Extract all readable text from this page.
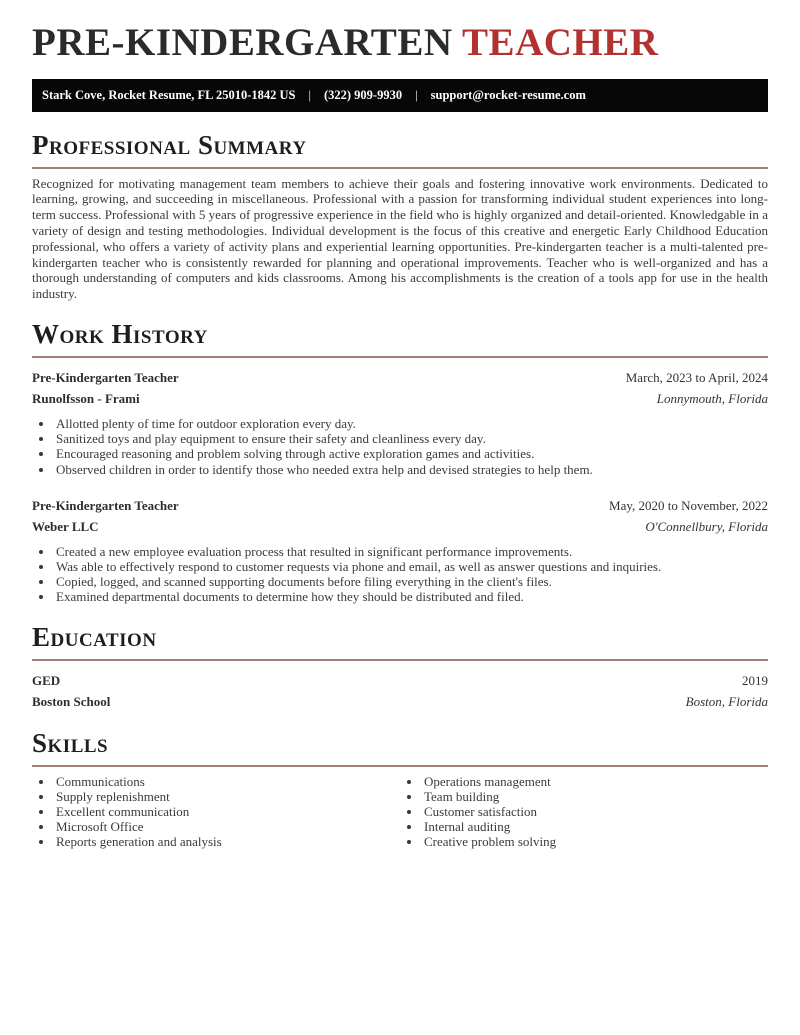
PRE-KINDERGARTEN TEACHER
Stark Cove, Rocket Resume, FL 25010-1842 US | (322) 909-9930 | support@rocket-resume.com
Professional Summary

Recognized for motivating management team members to achieve their goals and fostering innovative work environments. Dedicated to learning, growing, and succeeding in miscellaneous. Professional with a passion for transforming individual student experiences into long-term success. Professional with 5 years of progressive experience in the field who is highly organized and detail-oriented. Knowledgable in a variety of design and testing methodologies. Individual development is the focus of this creative and energetic Early Childhood Education professional, who offers a variety of activity plans and experiential learning opportunities. Pre-kindergarten teacher is a multi-talented pre-kindergarten teacher who is consistently rewarded for planning and operational improvements. Teacher who is well-organized and has a thorough understanding of computers and kids classrooms. Among his accomplishments is the creation of a tools app for use in the health industry.

Work History
Pre-Kindergarten Teacher	March, 2023 to April, 2024
Runolfsson - Frami	Lonnymouth, Florida
• Allotted plenty of time for outdoor exploration every day.
• Sanitized toys and play equipment to ensure their safety and cleanliness every day.
• Encouraged reasoning and problem solving through active exploration games and activities.
• Observed children in order to identify those who needed extra help and devised strategies to help them.
Pre-Kindergarten Teacher	May, 2020 to November, 2022
Weber LLC	O'Connellbury, Florida
• Created a new employee evaluation process that resulted in significant performance improvements.
• Was able to effectively respond to customer requests via phone and email, as well as answer questions and inquiries.
• Copied, logged, and scanned supporting documents before filing everything in the client's files.
• Examined departmental documents to determine how they should be distributed and filed.
Education
GED	2019
Boston School	Boston, Florida
Skills
• Communications
• Supply replenishment
• Excellent communication
• Microsoft Office
• Reports generation and analysis
• Operations management
• Team building
• Customer satisfaction
• Internal auditing
• Creative problem solving
